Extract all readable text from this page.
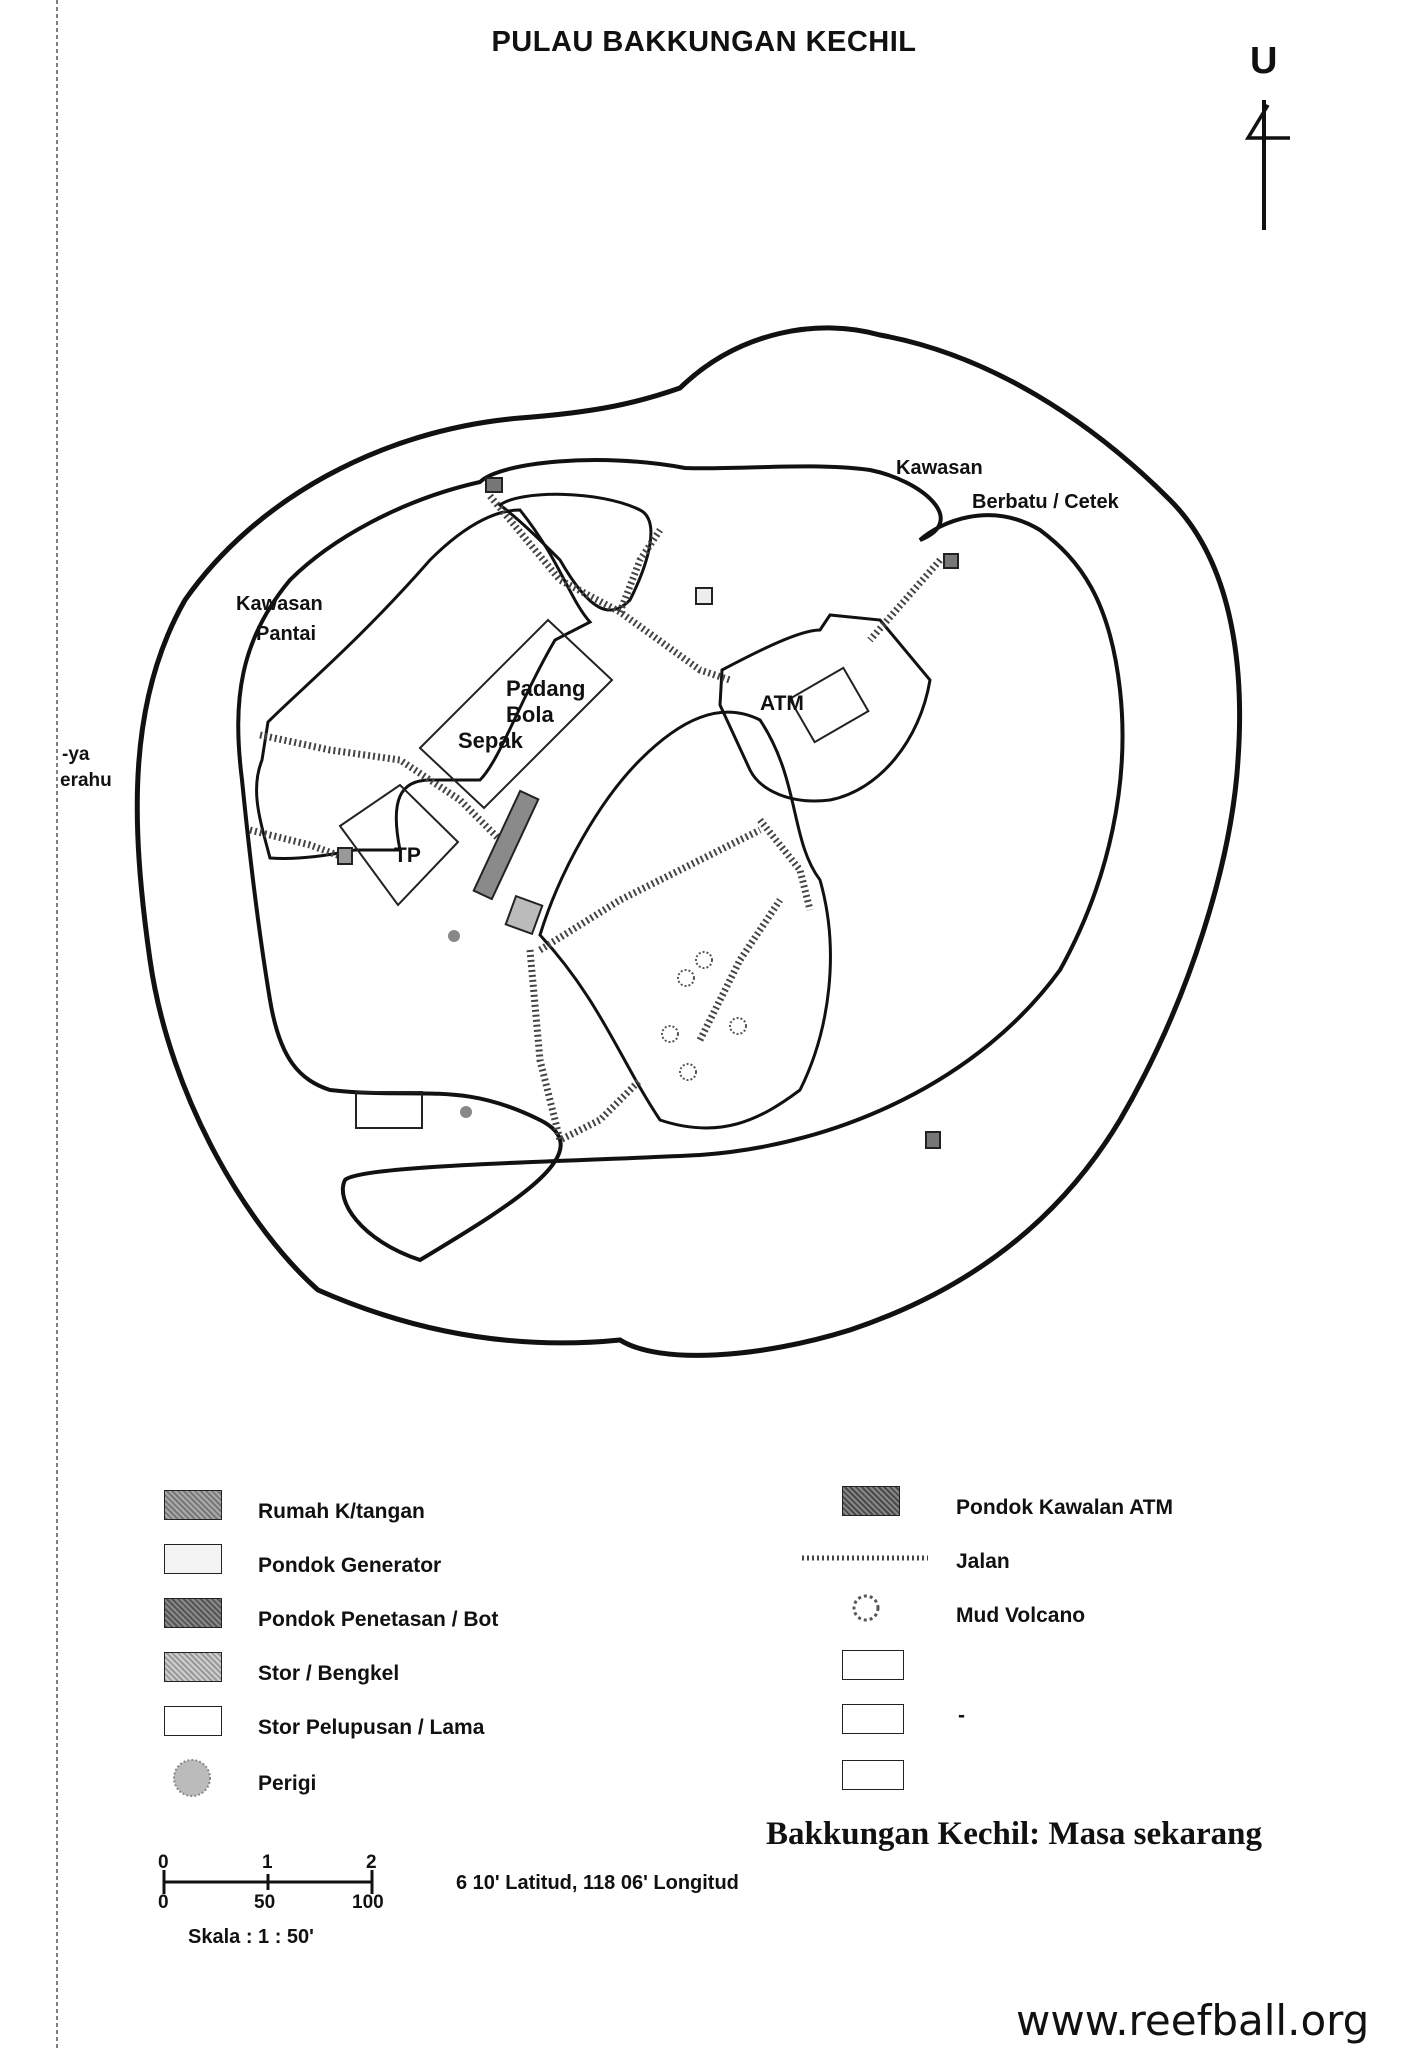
PULAU BAKKUNGAN KECHIL	U
Kawasan
Pantai
Kawasan
Berbatu / Cetek
Padang
Bola
Sepak
ATM
TP
-ya
erahu
0	1	2
0	50	100
Rumah K/tangan
Pondok Generator
Pondok Penetasan / Bot
Stor / Bengkel
Stor Pelupusan / Lama
Perigi
Pondok Kawalan ATM
Jalan
Mud Volcano
-
Bakkungan Kechil: Masa sekarang
6 10' Latitud, 118 06' Longitud
Skala : 1 : 50'
www.reefball.org
